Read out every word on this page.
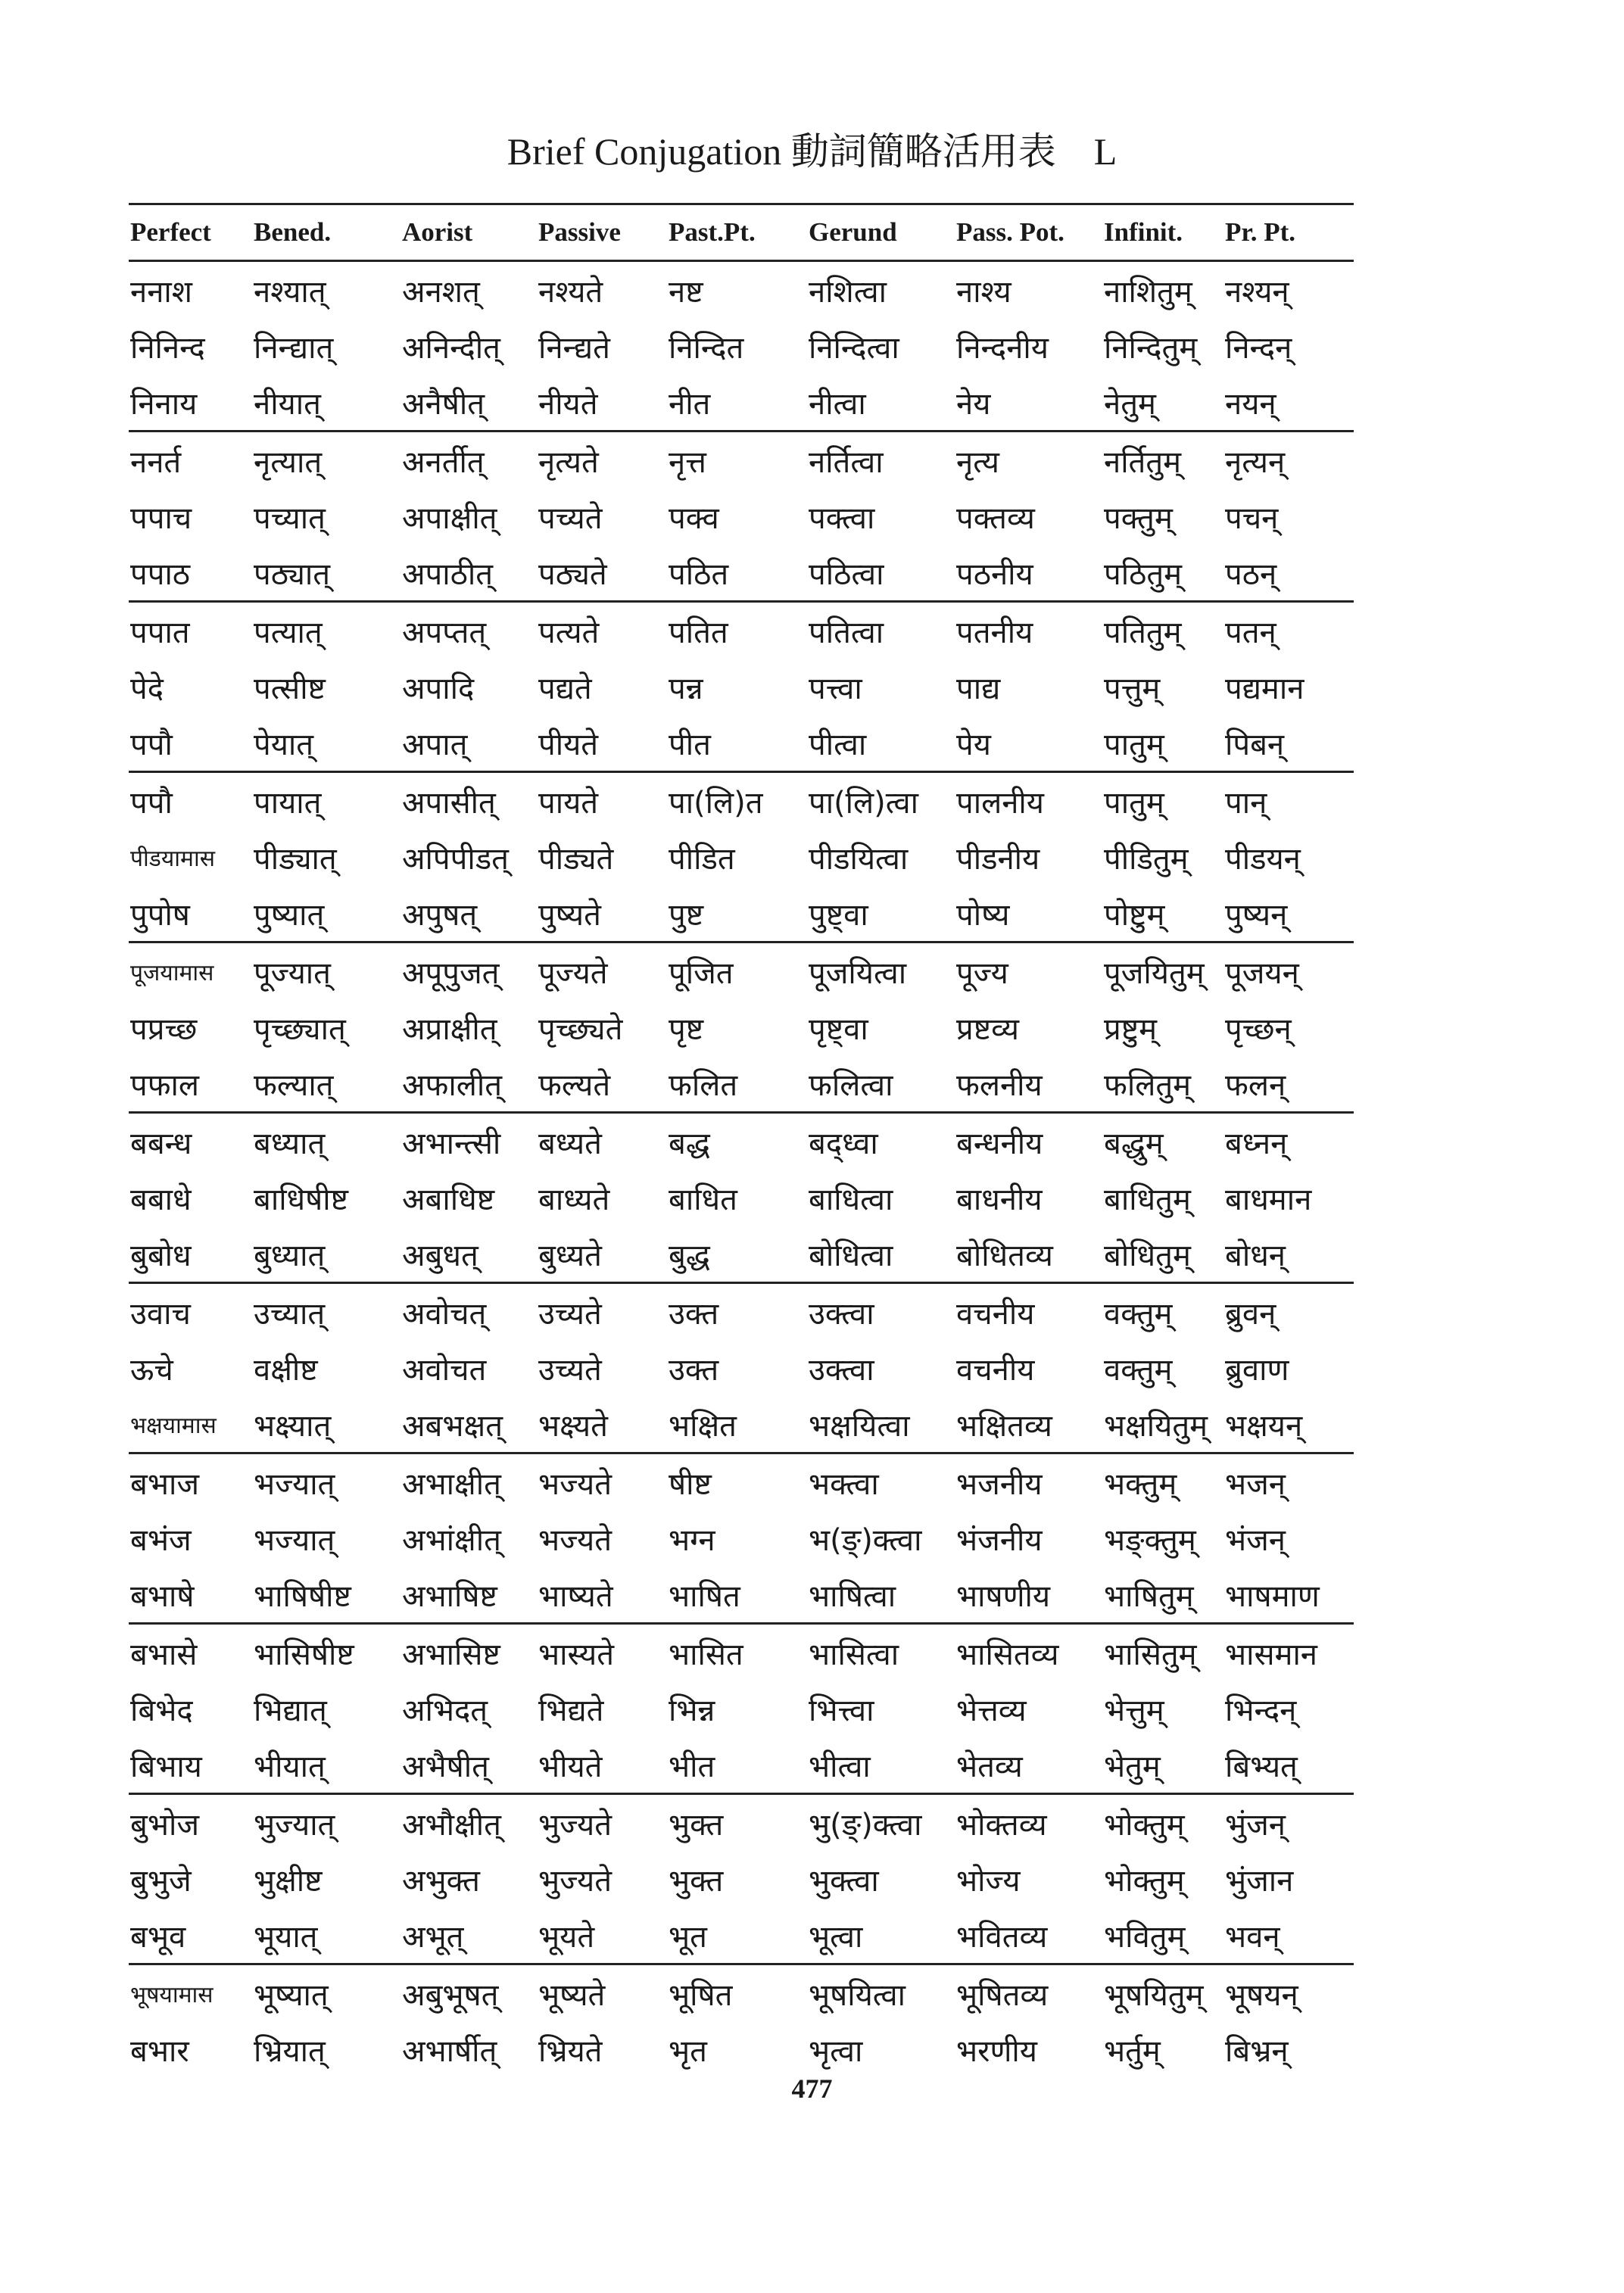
Brief Conjugation 動詞簡略活用表　L
Perfect	Bened.	Aorist	Passive	Past.Pt.	Gerund	Pass. Pot.	Infinit.	Pr. Pt.
ननाश	नश्यात्	अनशत्	नश्यते	नष्ट	नशित्वा	नाश्य	नाशितुम्	नश्यन्
निनिन्द	निन्द्यात्	अनिन्दीत्	निन्द्यते	निन्दित	निन्दित्वा	निन्दनीय	निन्दितुम्	निन्दन्
निनाय	नीयात्	अनैषीत्	नीयते	नीत	नीत्वा	नेय	नेतुम्	नयन्
ननर्त	नृत्यात्	अनर्तीत्	नृत्यते	नृत्त	नर्तित्वा	नृत्य	नर्तितुम्	नृत्यन्
पपाच	पच्यात्	अपाक्षीत्	पच्यते	पक्व	पक्त्वा	पक्तव्य	पक्तुम्	पचन्
पपाठ	पठ्यात्	अपाठीत्	पठ्यते	पठित	पठित्वा	पठनीय	पठितुम्	पठन्
पपात	पत्यात्	अपप्तत्	पत्यते	पतित	पतित्वा	पतनीय	पतितुम्	पतन्
पेदे	पत्सीष्ट	अपादि	पद्यते	पन्न	पत्त्वा	पाद्य	पत्तुम्	पद्यमान
पपौ	पेयात्	अपात्	पीयते	पीत	पीत्वा	पेय	पातुम्	पिबन्
पपौ	पायात्	अपासीत्	पायते	पा(लि)त	पा(लि)त्वा	पालनीय	पातुम्	पान्
पीडयामास	पीड्यात्	अपिपीडत्	पीड्यते	पीडित	पीडयित्वा	पीडनीय	पीडितुम्	पीडयन्
पुपोष	पुष्यात्	अपुषत्	पुष्यते	पुष्ट	पुष्ट्वा	पोष्य	पोष्टुम्	पुष्यन्
पूजयामास	पूज्यात्	अपूपुजत्	पूज्यते	पूजित	पूजयित्वा	पूज्य	पूजयितुम्	पूजयन्
पप्रच्छ	पृच्छ्यात्	अप्राक्षीत्	पृच्छ्यते	पृष्ट	पृष्ट्वा	प्रष्टव्य	प्रष्टुम्	पृच्छन्
पफाल	फल्यात्	अफालीत्	फल्यते	फलित	फलित्वा	फलनीय	फलितुम्	फलन्
बबन्ध	बध्यात्	अभान्त्सी	बध्यते	बद्ध	बद्ध्वा	बन्धनीय	बद्धुम्	बध्नन्
बबाधे	बाधिषीष्ट	अबाधिष्ट	बाध्यते	बाधित	बाधित्वा	बाधनीय	बाधितुम्	बाधमान
बुबोध	बुध्यात्	अबुधत्	बुध्यते	बुद्ध	बोधित्वा	बोधितव्य	बोधितुम्	बोधन्
उवाच	उच्यात्	अवोचत्	उच्यते	उक्त	उक्त्वा	वचनीय	वक्तुम्	ब्रुवन्
ऊचे	वक्षीष्ट	अवोचत	उच्यते	उक्त	उक्त्वा	वचनीय	वक्तुम्	ब्रुवाण
भक्षयामास	भक्ष्यात्	अबभक्षत्	भक्ष्यते	भक्षित	भक्षयित्वा	भक्षितव्य	भक्षयितुम्	भक्षयन्
बभाज	भज्यात्	अभाक्षीत्	भज्यते	षीष्ट	भक्त्वा	भजनीय	भक्तुम्	भजन्
बभंज	भज्यात्	अभांक्षीत्	भज्यते	भग्न	भ(ङ्)क्त्वा	भंजनीय	भङ्क्तुम्	भंजन्
बभाषे	भाषिषीष्ट	अभाषिष्ट	भाष्यते	भाषित	भाषित्वा	भाषणीय	भाषितुम्	भाषमाण
बभासे	भासिषीष्ट	अभासिष्ट	भास्यते	भासित	भासित्वा	भासितव्य	भासितुम्	भासमान
बिभेद	भिद्यात्	अभिदत्	भिद्यते	भिन्न	भित्त्वा	भेत्तव्य	भेत्तुम्	भिन्दन्
बिभाय	भीयात्	अभैषीत्	भीयते	भीत	भीत्वा	भेतव्य	भेतुम्	बिभ्यत्
बुभोज	भुज्यात्	अभौक्षीत्	भुज्यते	भुक्त	भु(ङ्)क्त्वा	भोक्तव्य	भोक्तुम्	भुंजन्
बुभुजे	भुक्षीष्ट	अभुक्त	भुज्यते	भुक्त	भुक्त्वा	भोज्य	भोक्तुम्	भुंजान
बभूव	भूयात्	अभूत्	भूयते	भूत	भूत्वा	भवितव्य	भवितुम्	भवन्
भूषयामास	भूष्यात्	अबुभूषत्	भूष्यते	भूषित	भूषयित्वा	भूषितव्य	भूषयितुम्	भूषयन्
बभार	भ्रियात्	अभार्षीत्	भ्रियते	भृत	भृत्वा	भरणीय	भर्तुम्	बिभ्रन्
477
